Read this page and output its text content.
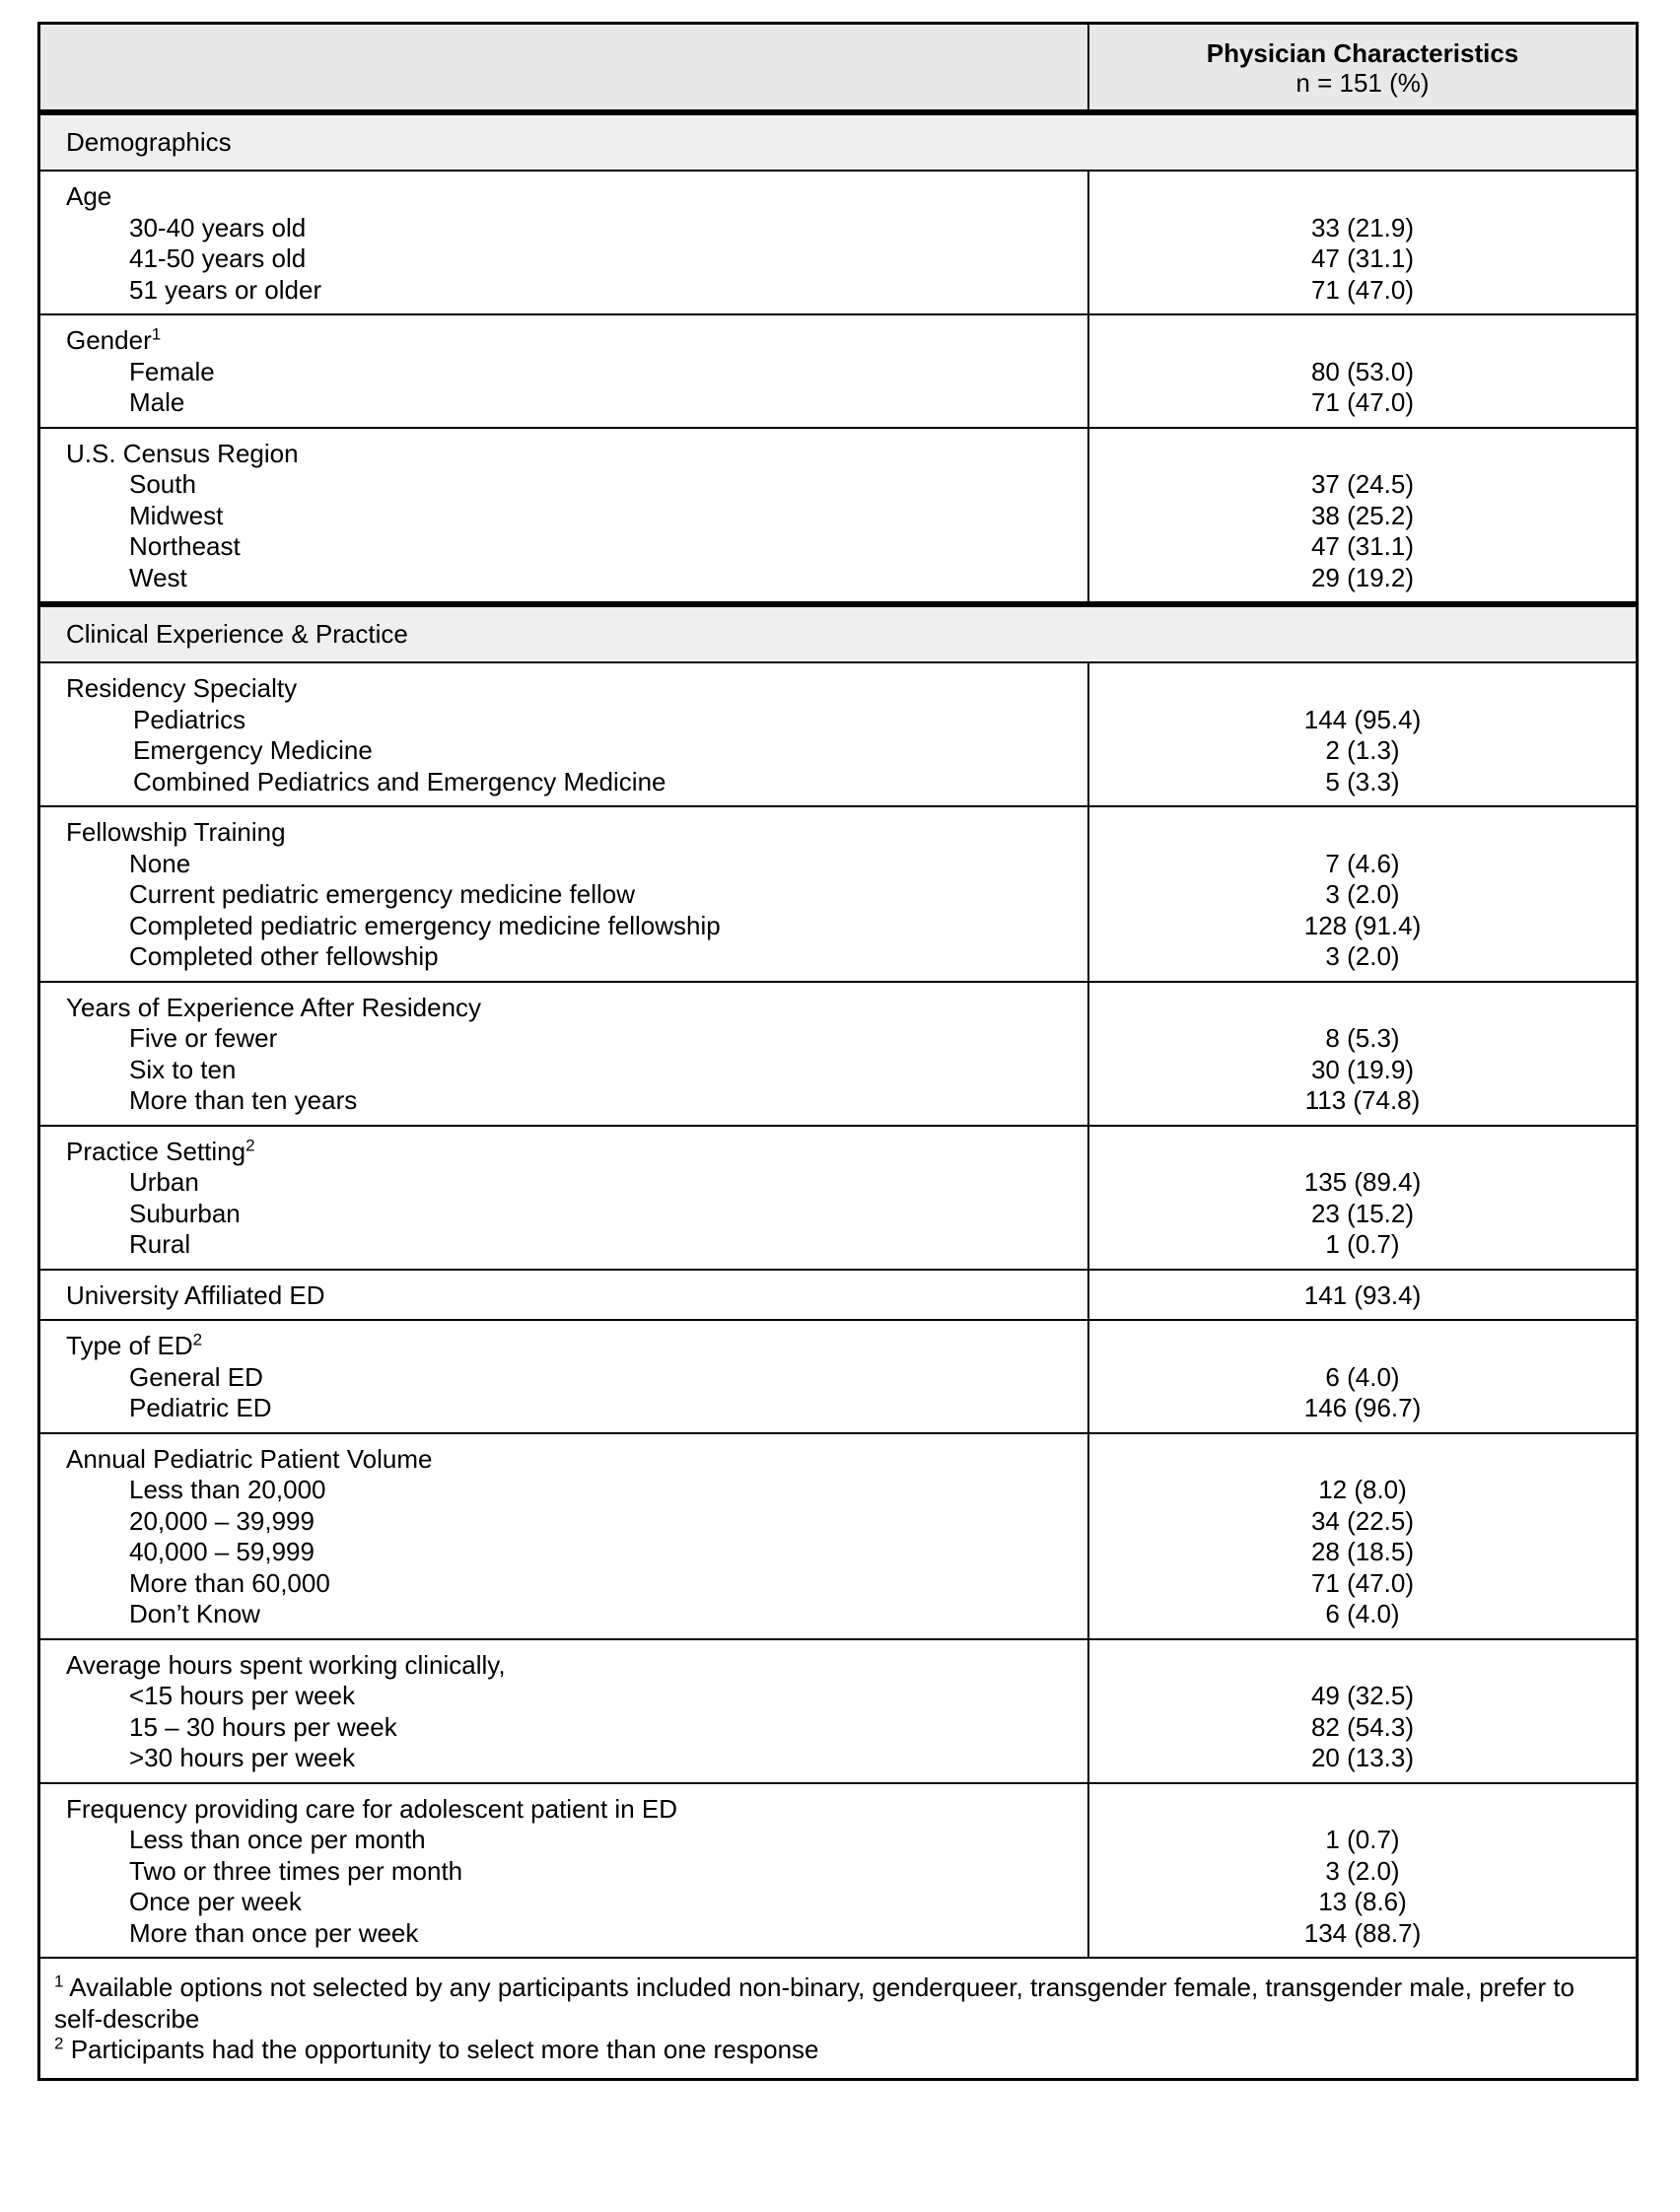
Physician Characteristics
n = 151 (%)
Demographics
Age
30-40 years old
41-50 years old
51 years or older
33 (21.9)
47 (31.1)
71 (47.0)
Gender$^1$
Female
Male
80 (53.0)
71 (47.0)
U.S. Census Region
South
Midwest
Northeast
West
37 (24.5)
38 (25.2)
47 (31.1)
29 (19.2)
Clinical Experience & Practice
Residency Specialty
Pediatrics
Emergency Medicine
Combined Pediatrics and Emergency Medicine
144 (95.4)
2 (1.3)
5 (3.3)
Fellowship Training
None
Current pediatric emergency medicine fellow
Completed pediatric emergency medicine fellowship
Completed other fellowship
7 (4.6)
3 (2.0)
128 (91.4)
3 (2.0)
Years of Experience After Residency
Five or fewer
Six to ten
More than ten years
8 (5.3)
30 (19.9)
113 (74.8)
Practice Setting$^2$
Urban
Suburban
Rural
135 (89.4)
23 (15.2)
1 (0.7)
University Affiliated ED	141 (93.4)
Type of $ED^2$
General ED
Pediatric ED
6 (4.0)
146 (96.7)
Annual Pediatric Patient Volume
Less than 20,000
20,000 – 39,999
40,000 – 59,999
More than 60,000
Don’t Know
12 (8.0)
34 (22.5)
28 (18.5)
71 (47.0)
6 (4.0)
Average hours spent working clinically,
<15 hours per week
15 – 30 hours per week
>30 hours per week
49 (32.5)
82 (54.3)
20 (13.3)
Frequency providing care for adolescent patient in ED
Less than once per month
Two or three times per month
Once per week
More than once per week
1 (0.7)
3 (2.0)
13 (8.6)
134 (88.7)
$^1$ Available options not selected by any participants included non-binary, genderqueer, transgender female, transgender male, prefer to self-describe
$^2$ Participants had the opportunity to select more than one response
